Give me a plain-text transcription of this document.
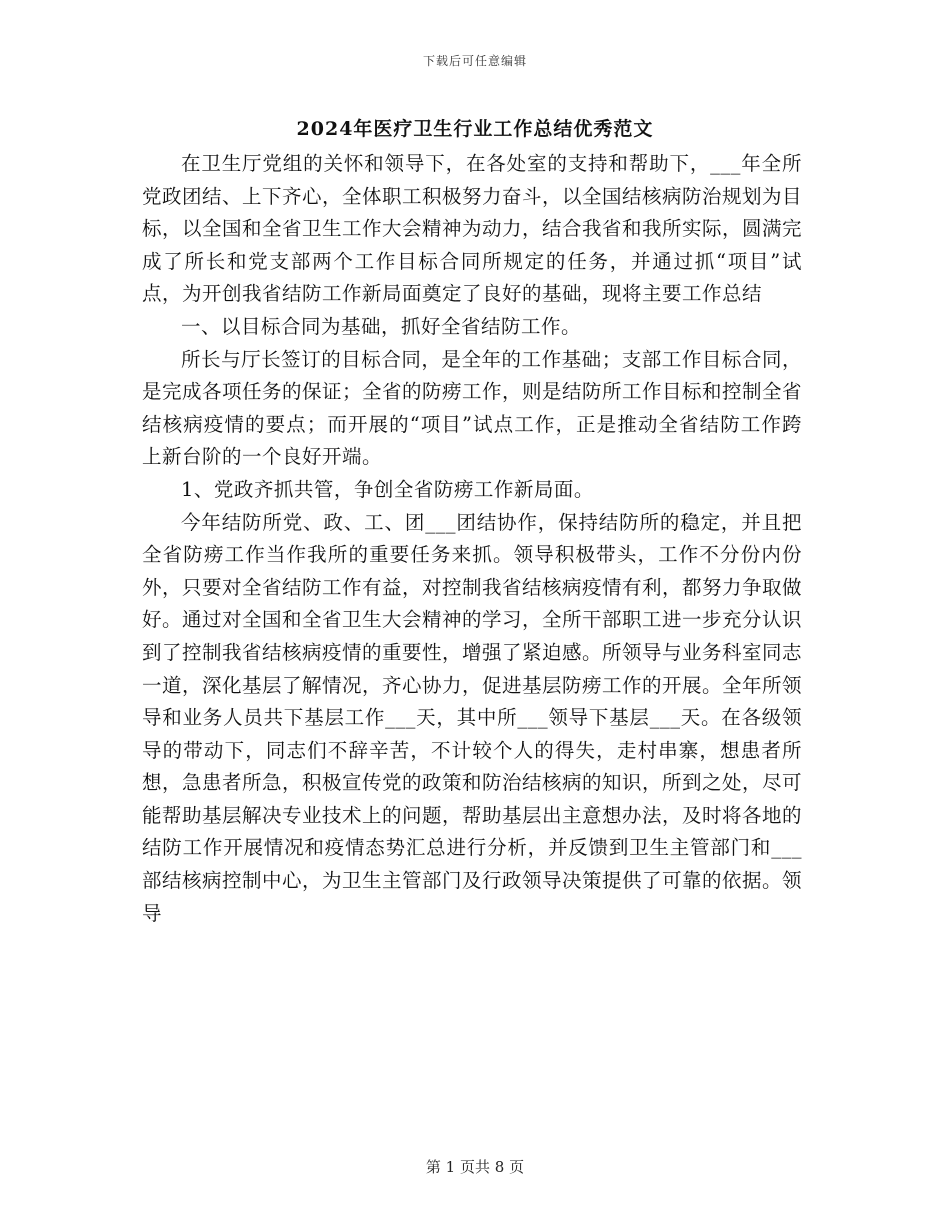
下载后可任意编辑
2024年医疗卫生行业工作总结优秀范文

在卫生厅党组的关怀和领导下，在各处室的支持和帮助下，___年全所党政团结、上下齐心，全体职工积极努力奋斗，以全国结核病防治规划为目标，以全国和全省卫生工作大会精神为动力，结合我省和我所实际，圆满完成了所长和党支部两个工作目标合同所规定的任务，并通过抓“项目”试点，为开创我省结防工作新局面奠定了良好的基础，现将主要工作总结

一、以目标合同为基础，抓好全省结防工作。

所长与厅长签订的目标合同，是全年的工作基础；支部工作目标合同，是完成各项任务的保证；全省的防痨工作，则是结防所工作目标和控制全省结核病疫情的要点；而开展的“项目”试点工作，正是推动全省结防工作跨上新台阶的一个良好开端。

1、党政齐抓共管，争创全省防痨工作新局面。

今年结防所党、政、工、团___团结协作，保持结防所的稳定，并且把全省防痨工作当作我所的重要任务来抓。领导积极带头，工作不分份内份外，只要对全省结防工作有益，对控制我省结核病疫情有利，都努力争取做好。通过对全国和全省卫生大会精神的学习，全所干部职工进一步充分认识到了控制我省结核病疫情的重要性，增强了紧迫感。所领导与业务科室同志一道，深化基层了解情况，齐心协力，促进基层防痨工作的开展。全年所领导和业务人员共下基层工作___天，其中所___领导下基层___天。在各级领导的带动下，同志们不辞辛苦，不计较个人的得失，走村串寨，想患者所想，急患者所急，积极宣传党的政策和防治结核病的知识，所到之处，尽可能帮助基层解决专业技术上的问题，帮助基层出主意想办法，及时将各地的结防工作开展情况和疫情态势汇总进行分析，并反馈到卫生主管部门和___部结核病控制中心，为卫生主管部门及行政领导决策提供了可靠的依据。领导

第 1 页共 8 页
